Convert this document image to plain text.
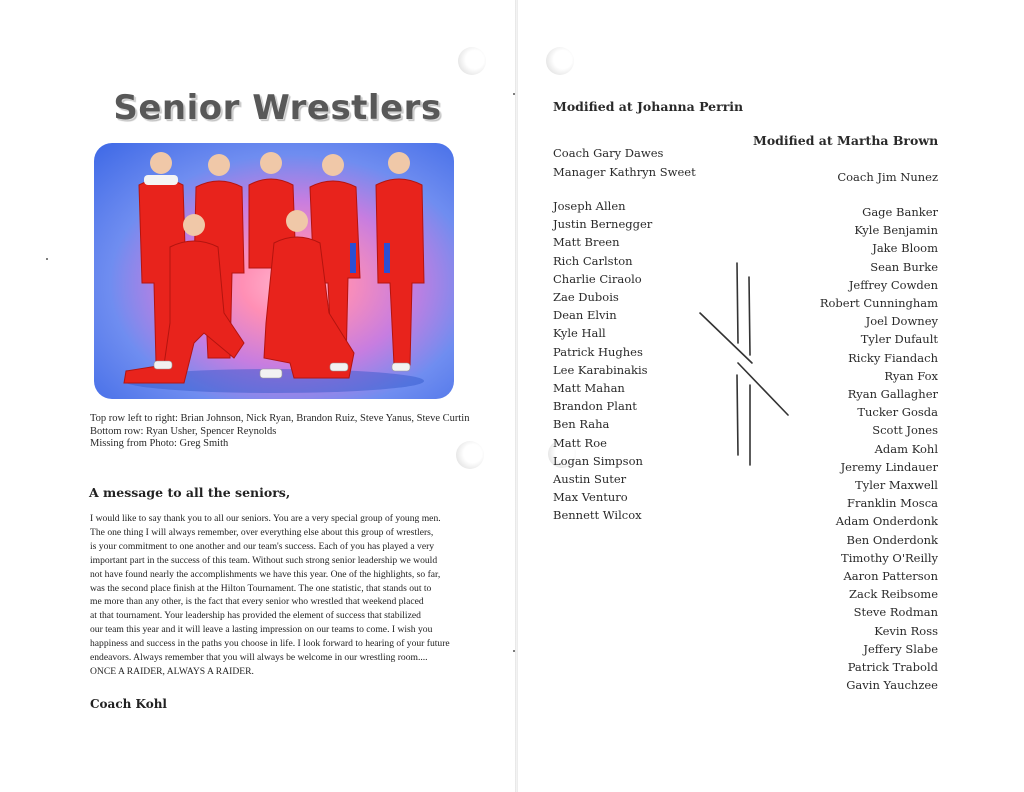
Senior Wrestlers
Top row left to right: Brian Johnson, Nick Ryan, Brandon Ruiz, Steve Yanus, Steve Curtin
Bottom row: Ryan Usher, Spencer Reynolds
Missing from Photo: Greg Smith
A message to all the seniors,

I would like to say thank you to all our seniors. You are a very special group of young men.

The one thing I will always remember, over everything else about this group of wrestlers,

is your commitment to one another and our team's success. Each of you has played a very

important part in the success of this team. Without such strong senior leadership we would

not have found nearly the accomplishments we have this year. One of the highlights, so far,

was the second place finish at the Hilton Tournament. The one statistic, that stands out to

me more than any other, is the fact that every senior who wrestled that weekend placed

at that tournament. Your leadership has provided the element of success that stabilized

our team this year and it will leave a lasting impression on our teams to come. I wish you

happiness and success in the paths you choose in life. I look forward to hearing of your future

endeavors. Always remember that you will always be welcome in our wrestling room....

ONCE A RAIDER, ALWAYS A RAIDER.

Coach Kohl
Modified at Johanna Perrin
Coach Gary Dawes
Manager Kathryn Sweet
Joseph Allen
Justin Bernegger
Matt Breen
Rich Carlston
Charlie Ciraolo
Zae Dubois
Dean Elvin
Kyle Hall
Patrick Hughes
Lee Karabinakis
Matt Mahan
Brandon Plant
Ben Raha
Matt Roe
Logan Simpson
Austin Suter
Max Venturo
Bennett Wilcox
Modified at Martha Brown
Coach Jim Nunez
Gage Banker
Kyle Benjamin
Jake Bloom
Sean Burke
Jeffrey Cowden
Robert Cunningham
Joel Downey
Tyler Dufault
Ricky Fiandach
Ryan Fox
Ryan Gallagher
Tucker Gosda
Scott Jones
Adam Kohl
Jeremy Lindauer
Tyler Maxwell
Franklin Mosca
Adam Onderdonk
Ben Onderdonk
Timothy O'Reilly
Aaron Patterson
Zack Reibsome
Steve Rodman
Kevin Ross
Jeffery Slabe
Patrick Trabold
Gavin Yauchzee
